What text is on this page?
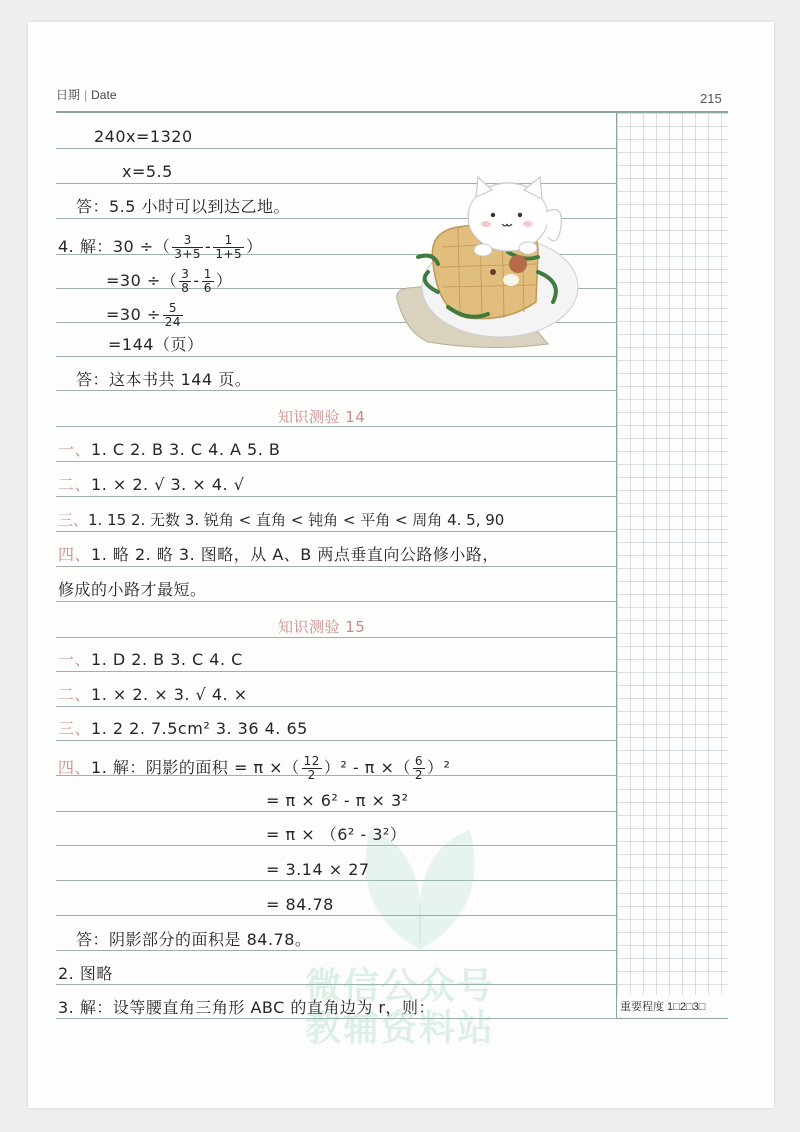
日期 | Date	215
微信公众号
教辅资料站
240x=1320
x=5.5
答：5.5 小时可以到达乙地。
4. 解：30 ÷（ $\frac{3}{3+5} - \frac{1}{1+5}$ ）
=30 ÷（ $\frac{3}{8} - \frac{1}{6}$ ）
$=30 \div \frac{5}{24}$
=144（页）
答：这本书共 144 页。
知识测验 14
一、1. C 2. B 3. C 4. A 5. B
二、1. × 2. √ 3. × 4. √
三、1. 15 2. 无数 3. 锐角 < 直角 < 钝角 < 平角 < 周角 4. 5, 90
四、1. 略 2. 略 3. 图略，从 A、B 两点垂直向公路修小路，
修成的小路才最短。
知识测验 15
一、1. D 2. B 3. C 4. C
二、1. × 2. × 3. √ 4. ×
三、1. 2 2. 7.5cm² 3. 36 4. 65
四、1. 解：阴影的面积 = π ×（ $\frac{12}{2} )^2$ - π ×（ $\frac{6}{2} )^2$
= π × 6² - π × 3²
= π × （6² - 3²）
= 3.14 × 27
= 84.78
答：阴影部分的面积是 84.78。
2. 图略
3. 解：设等腰直角三角形 ABC 的直角边为 r，则：	重要程度 1□2□3□
